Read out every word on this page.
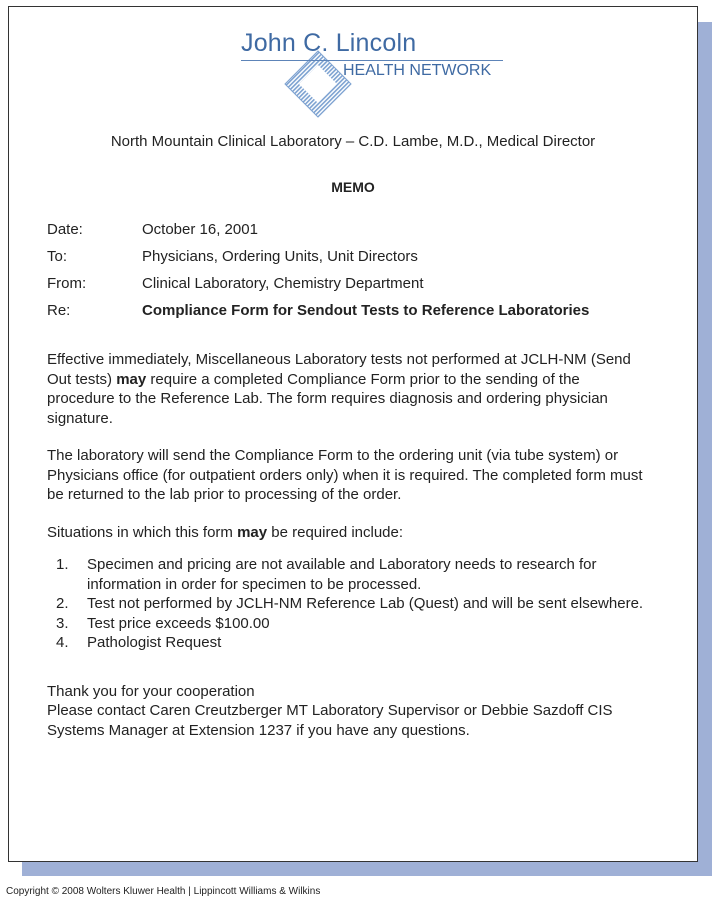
John C. Lincoln
HEALTH NETWORK
North Mountain Clinical Laboratory – C.D. Lambe, M.D., Medical Director
MEMO
Date:	October 16, 2001
To:	Physicians, Ordering Units, Unit Directors
From:	Clinical Laboratory, Chemistry Department
Re:	Compliance Form for Sendout Tests to Reference Laboratories
Effective immediately, Miscellaneous Laboratory tests not performed at JCLH-NM (Send Out tests) may require a completed Compliance Form prior to the sending of the procedure to the Reference Lab. The form requires diagnosis and ordering physician signature.
The laboratory will send the Compliance Form to the ordering unit (via tube system) or Physicians office (for outpatient orders only) when it is required. The completed form must be returned to the lab prior to processing of the order.
Situations in which this form may be required include:
1. Specimen and pricing are not available and Laboratory needs to research for information in order for specimen to be processed.
2. Test not performed by JCLH-NM Reference Lab (Quest) and will be sent elsewhere.
3. Test price exceeds $100.00
4. Pathologist Request
Thank you for your cooperation
Please contact Caren Creutzberger MT Laboratory Supervisor or Debbie Sazdoff CIS Systems Manager at Extension 1237 if you have any questions.
Copyright © 2008 Wolters Kluwer Health | Lippincott Williams & Wilkins
